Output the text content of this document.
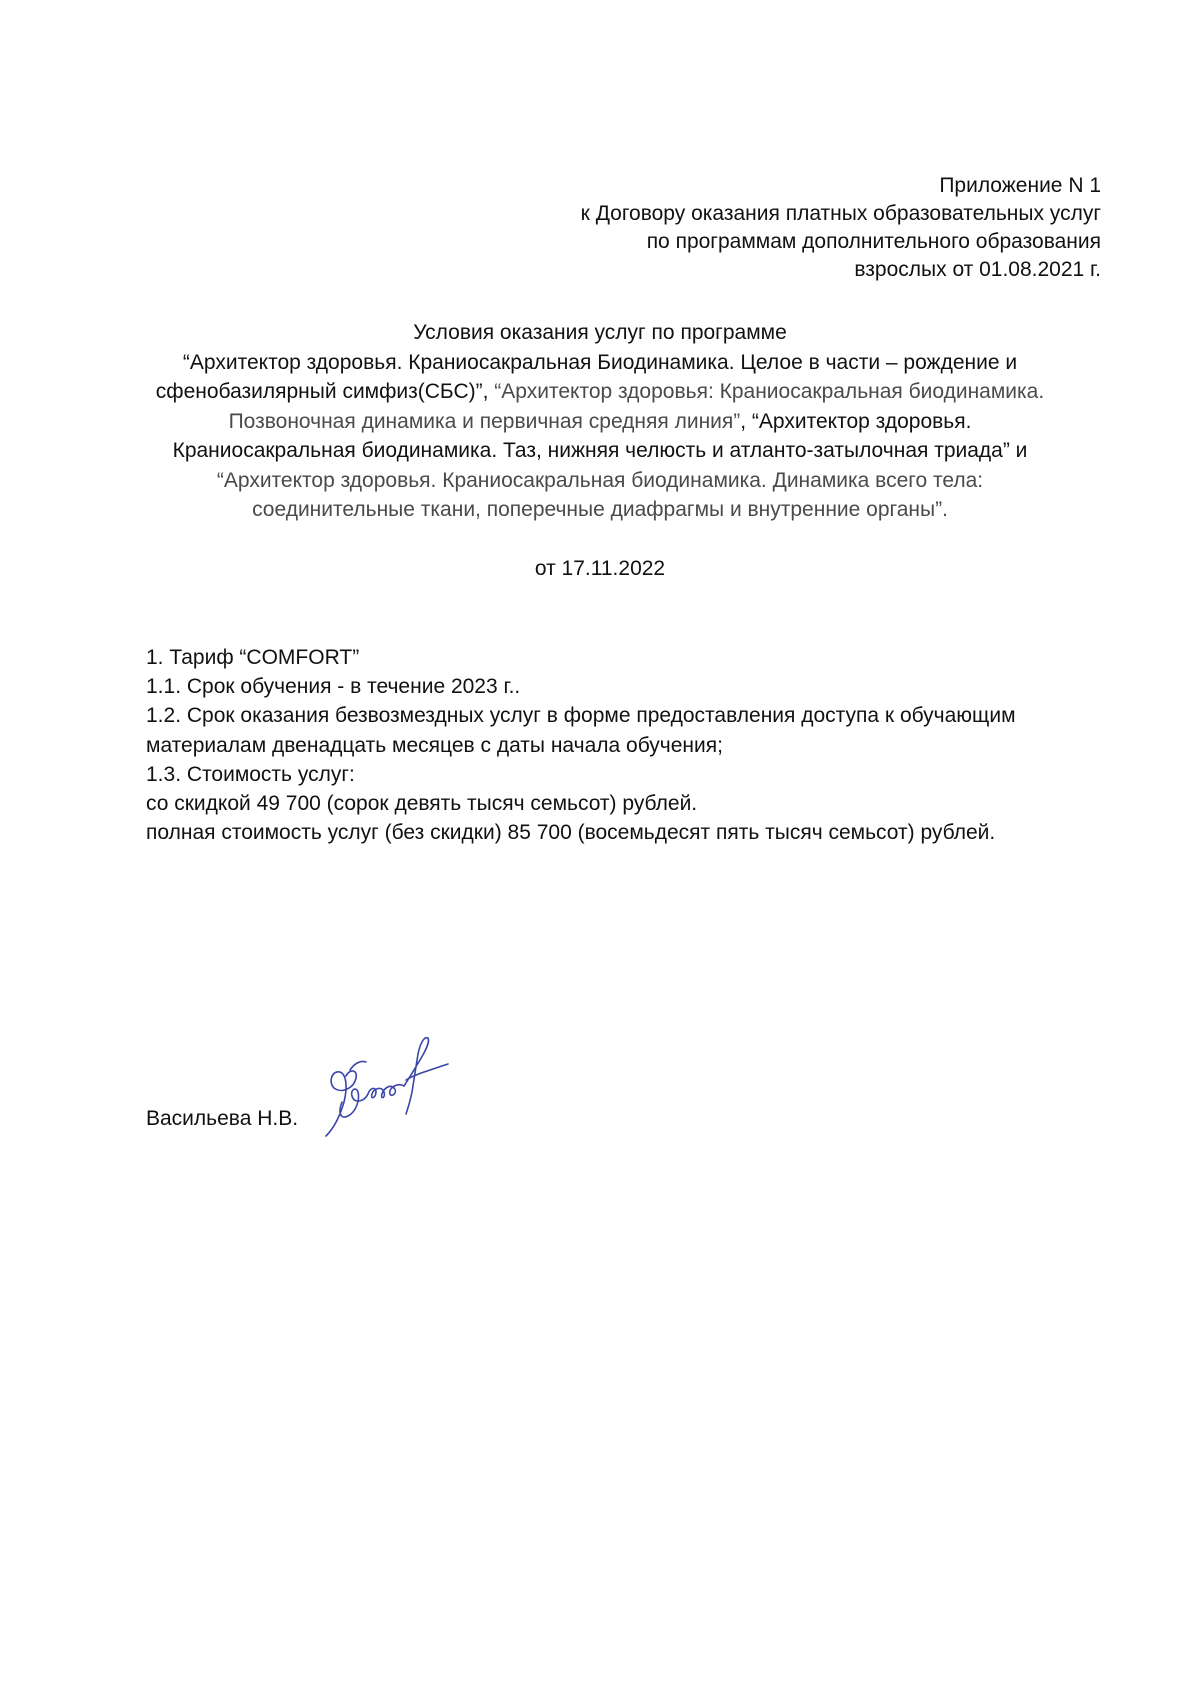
Приложение N 1
к Договору оказания платных образовательных услуг
по программам дополнительного образования
взрослых от 01.08.2021 г.
Условия оказания услуг по программе
“Архитектор здоровья. Краниосакральная Биодинамика. Целое в части – рождение и
сфенобазилярный симфиз(СБС)”, “Архитектор здоровья: Краниосакральная биодинамика.
Позвоночная динамика и первичная средняя линия”, “Архитектор здоровья.
Краниосакральная биодинамика. Таз, нижняя челюсть и атланто-затылочная триада” и
“Архитектор здоровья. Краниосакральная биодинамика. Динамика всего тела:
соединительные ткани, поперечные диафрагмы и внутренние органы”.
от 17.11.2022
1. Тариф “COMFORT”
1.1. Срок обучения - в течение 2023 г..
1.2. Срок оказания безвозмездных услуг в форме предоставления доступа к обучающим
материалам двенадцать месяцев с даты начала обучения;
1.3. Стоимость услуг:
со скидкой 49 700 (сорок девять тысяч семьсот) рублей.
полная стоимость услуг (без скидки) 85 700 (восемьдесят пять тысяч семьсот) рублей.
Васильева Н.В.
